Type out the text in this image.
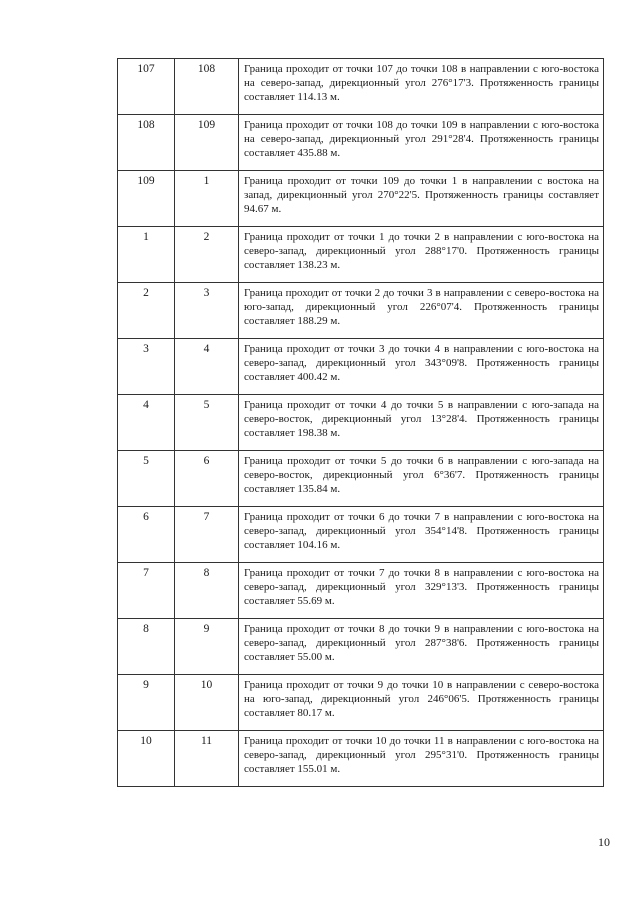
107	108	Граница проходит от точки 107 до точки 108 в направлении с юго-востока на северо-запад, дирекционный угол 276°17'3. Протяженность границы составляет 114.13 м.
108	109	Граница проходит от точки 108 до точки 109 в направлении с юго-востока на северо-запад, дирекционный угол 291°28'4. Протяженность границы составляет 435.88 м.
109	1	Граница проходит от точки 109 до точки 1 в направлении с востока на запад, дирекционный угол 270°22'5. Протяженность границы составляет 94.67 м.
1	2	Граница проходит от точки 1 до точки 2 в направлении с юго-востока на северо-запад, дирекционный угол 288°17'0. Протяженность границы составляет 138.23 м.
2	3	Граница проходит от точки 2 до точки 3 в направлении с северо-востока на юго-запад, дирекционный угол 226°07'4. Протяженность границы составляет 188.29 м.
3	4	Граница проходит от точки 3 до точки 4 в направлении с юго-востока на северо-запад, дирекционный угол 343°09'8. Протяженность границы составляет 400.42 м.
4	5	Граница проходит от точки 4 до точки 5 в направлении с юго-запада на северо-восток, дирекционный угол 13°28'4. Протяженность границы составляет 198.38 м.
5	6	Граница проходит от точки 5 до точки 6 в направлении с юго-запада на северо-восток, дирекционный угол 6°36'7. Протяженность границы составляет 135.84 м.
6	7	Граница проходит от точки 6 до точки 7 в направлении с юго-востока на северо-запад, дирекционный угол 354°14'8. Протяженность границы составляет 104.16 м.
7	8	Граница проходит от точки 7 до точки 8 в направлении с юго-востока на северо-запад, дирекционный угол 329°13'3. Протяженность границы составляет 55.69 м.
8	9	Граница проходит от точки 8 до точки 9 в направлении с юго-востока на северо-запад, дирекционный угол 287°38'6. Протяженность границы составляет 55.00 м.
9	10	Граница проходит от точки 9 до точки 10 в направлении с северо-востока на юго-запад, дирекционный угол 246°06'5. Протяженность границы составляет 80.17 м.
10	11	Граница проходит от точки 10 до точки 11 в направлении с юго-востока на северо-запад, дирекционный угол 295°31'0. Протяженность границы составляет 155.01 м.
10
